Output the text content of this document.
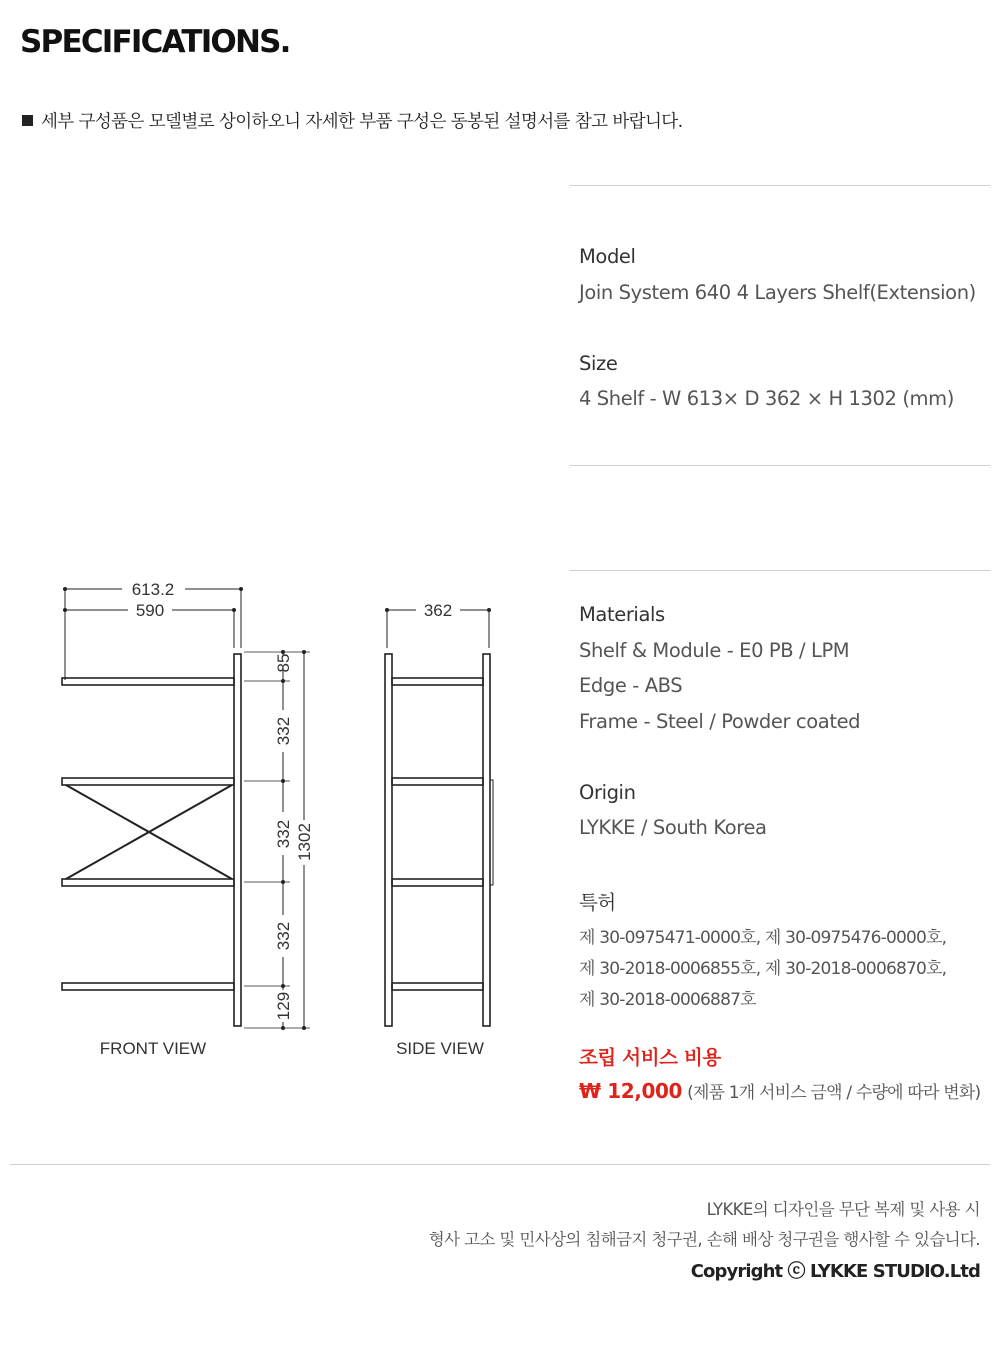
SPECIFICATIONS.
세부 구성품은 모델별로 상이하오니 자세한 부품 구성은 동봉된 설명서를 참고 바랍니다.
Model
Join System 640 4 Layers Shelf(Extension)
Size
4 Shelf - W 613× D 362 × H 1302 (mm)
Materials
Shelf & Module - E0 PB / LPM
Edge - ABS
Frame - Steel / Powder coated
Origin
LYKKE / South Korea
특허
제 30-0975471-0000호, 제 30-0975476-0000호,
제 30-2018-0006855호, 제 30-2018-0006870호,
제 30-2018-0006887호
조립 서비스 비용
₩ 12,000 (제품 1개 서비스 금액 / 수량에 따라 변화)
613.2
590	362
85
332
332
332
129
1302
FRONT VIEW	SIDE VIEW
LYKKE의 디자인을 무단 복제 및 사용 시
형사 고소 및 민사상의 침해금지 청구권, 손해 배상 청구권을 행사할 수 있습니다.
Copyright ⓒ LYKKE STUDIO.Ltd
